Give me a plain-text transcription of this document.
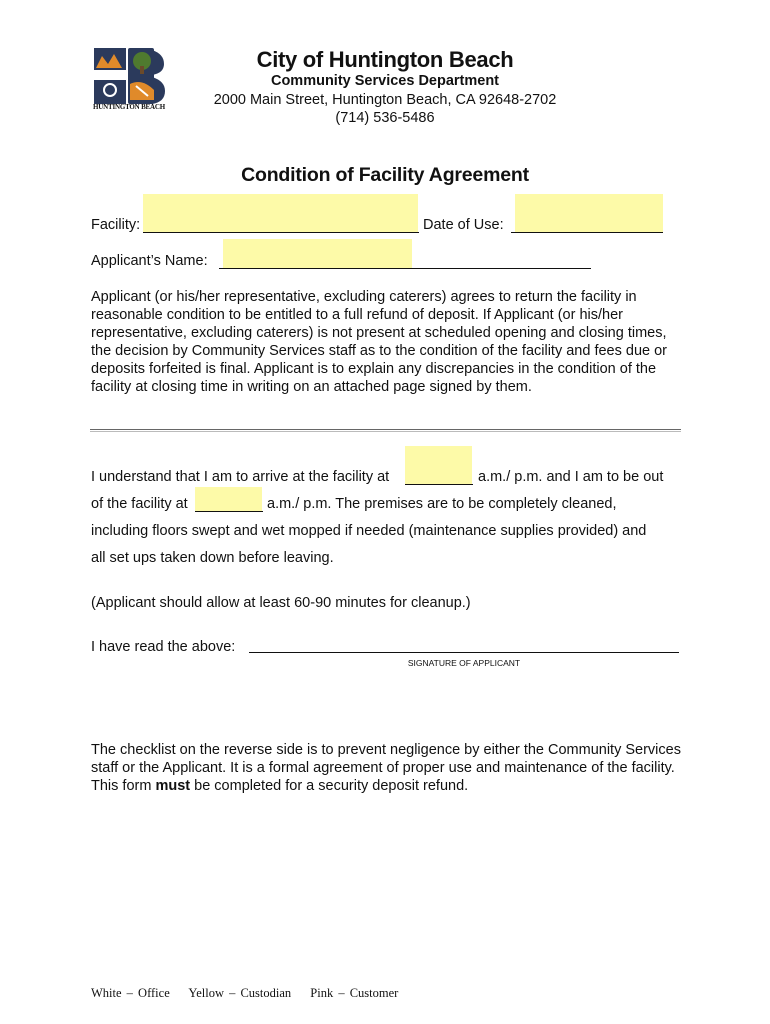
HUNTINGTON BEACH
City of Huntington Beach
Community Services Department
2000 Main Street, Huntington Beach, CA 92648-2702
(714) 536-5486
Condition of Facility Agreement
Facility:	Date of Use:
Applicant’s Name:
Applicant (or his/her representative, excluding caterers) agrees to return the facility in reasonable condition to be entitled to a full refund of deposit. If Applicant (or his/her representative, excluding caterers) is not present at scheduled opening and closing times, the decision by Community Services staff as to the condition of the facility and fees due or deposits forfeited is final. Applicant is to explain any discrepancies in the condition of the facility at closing time in writing on an attached page signed by them.
I understand that I am to arrive at the facility at	a.m./ p.m. and I am to be out
of the facility at	a.m./ p.m. The premises are to be completely cleaned,
including floors swept and wet mopped if needed (maintenance supplies provided) and
all set ups taken down before leaving.
(Applicant should allow at least 60-90 minutes for cleanup.)
I have read the above:
SIGNATURE OF APPLICANT
The checklist on the reverse side is to prevent negligence by either the Community Services staff or the Applicant. It is a formal agreement of proper use and maintenance of the facility. This form must be completed for a security deposit refund.
White – Office Yellow – Custodian Pink – Customer
